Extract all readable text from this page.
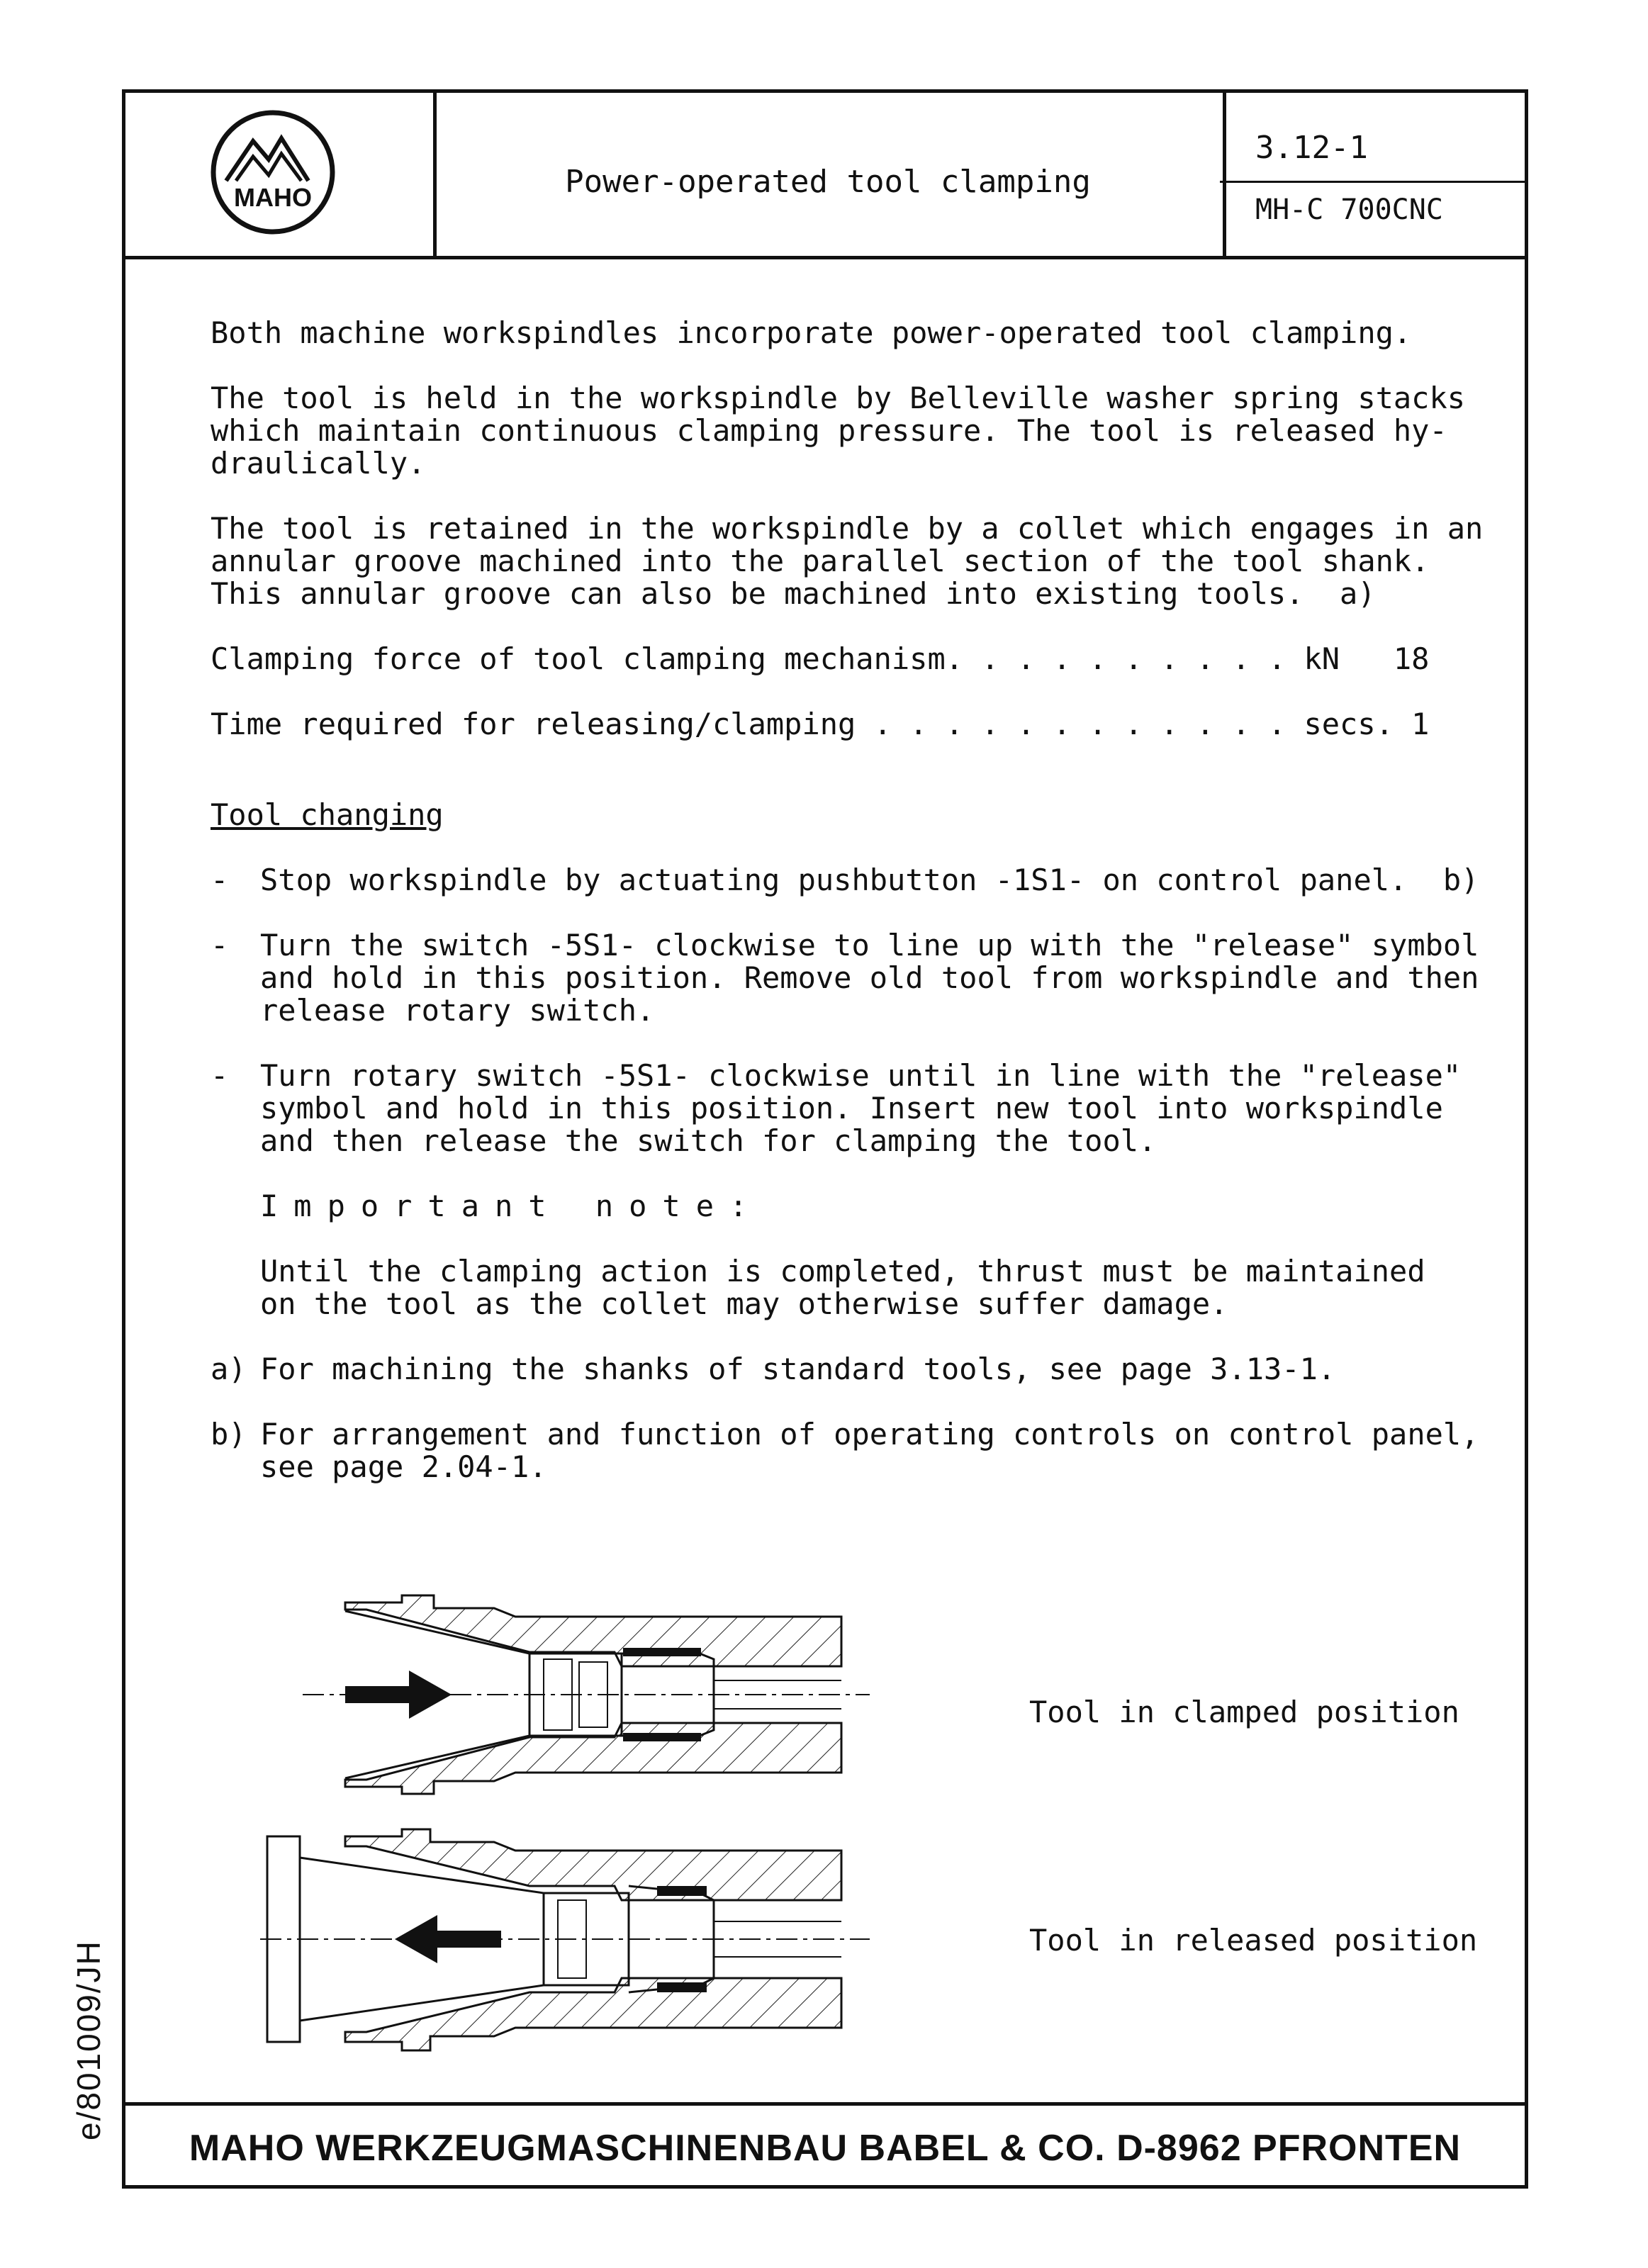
MAHO	Power-operated tool clamping
3.12-1
MH-C 700CNC

Both machine workspindles incorporate power-operated tool clamping.

The tool is held in the workspindle by Belleville washer spring stacks
which maintain continuous clamping pressure. The tool is released hy-
draulically.

The tool is retained in the workspindle by a collet which engages in an
annular groove machined into the parallel section of the tool shank.
This annular groove can also be machined into existing tools.  a)

Clamping force of tool clamping mechanism. . . . . . . . . . kN   18
Time required for releasing/clamping . . . . . . . . . . . . secs. 1
Tool changing
-	Stop workspindle by actuating pushbutton -1S1- on control panel.  b)
-	Turn the switch -5S1- clockwise to line up with the "release" symbol
and hold in this position. Remove old tool from workspindle and then
release rotary switch.
-	Turn rotary switch -5S1- clockwise until in line with the "release"
symbol and hold in this position. Insert new tool into workspindle
and then release the switch for clamping the tool.
Important note:
Until the clamping action is completed, thrust must be maintained
on the tool as the collet may otherwise suffer damage.
a) For machining the shanks of standard tools, see page 3.13-1.
b) For arrangement and function of operating controls on control panel,
see page 2.04-1.
Tool in clamped position
Tool in released position
MAHO WERKZEUGMASCHINENBAU BABEL & CO. D-8962 PFRONTEN
e/801009/JH
